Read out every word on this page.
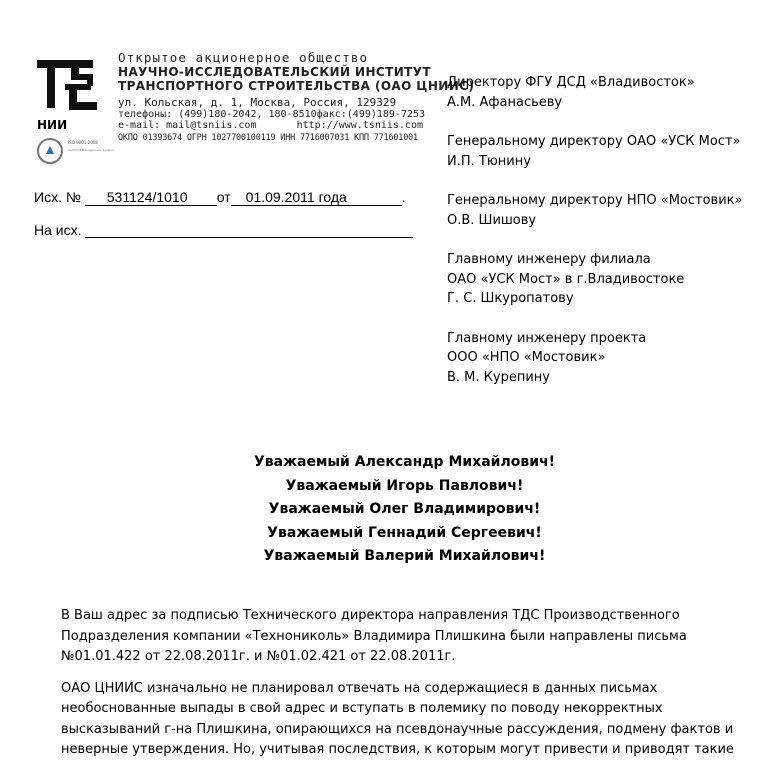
НИИ
ISO 9001:2008
Certified Management System
Открытое акционерное общество
НАУЧНО-ИССЛЕДОВАТЕЛЬСКИЙ ИНСТИТУТ
ТРАНСПОРТНОГО СТРОИТЕЛЬСТВА (ОАО ЦНИИС)
ул. Кольская, д. 1, Москва, Россия, 129329
телефоны: (499)180-2042, 180-8510 факс:(499)189-7253
e-mail: mail@tsniis.com	http://www.tsniis.com
ОКПО 01393674 ОГРН 1027700100119 ИНН 7716007031 КПП 771601001
Исх. № 531124/1010 от 01.09.2011 года	.
На исх.
Директору ФГУ ДСД «Владивосток»
А.М. Афанасьеву
Генеральному директору ОАО «УСК Мост»
И.П. Тюнину
Генеральному директору НПО «Мостовик»
О.В. Шишову
Главному инженеру филиала
ОАО «УСК Мост» в г.Владивостоке
Г. С. Шкуропатову
Главному инженеру проекта
ООО «НПО «Мостовик»
В. М. Курепину
Уважаемый Александр Михайлович!
Уважаемый Игорь Павлович!
Уважаемый Олег Владимирович!
Уважаемый Геннадий Сергеевич!
Уважаемый Валерий Михайлович!

В Ваш адрес за подписью Технического директора направления ТДС Производственного
Подразделения компании «Технониколь» Владимира Плишкина были направлены письма
№01.01.422 от 22.08.2011г. и №01.02.421 от 22.08.2011г.

ОАО ЦНИИС изначально не планировал отвечать на содержащиеся в данных письмах
необоснованные выпады в свой адрес и вступать в полемику по поводу некорректных
высказываний г-на Плишкина, опирающихся на псевдонаучные рассуждения, подмену фактов и
неверные утверждения. Но, учитывая последствия, к которым могут привести и приводят такие
